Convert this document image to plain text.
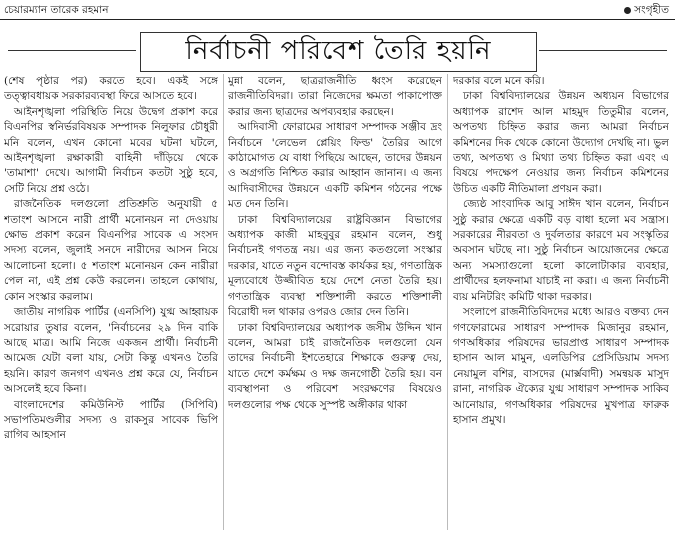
চেয়ারম্যান তারেক রহমান	সংগৃহীত
নির্বাচনী পরিবেশ তৈরি হয়নি

(শেষ পৃষ্ঠার পর) করতে হবে। একই সঙ্গে তত্ত্বাবধায়ক সরকারব্যবস্থা ফিরে আসতে হবে।

আইনশৃঙ্খলা পরিস্থিতি নিয়ে উদ্বেগ প্রকাশ করে বিএনপির স্বনির্ভরবিষয়ক সম্পাদক নিলুফার চৌধুরী মনি বলেন, এখন কোনো মবের ঘটনা ঘটলে, আইনশৃঙ্খলা রক্ষাকারী বাহিনী দাঁড়িয়ে থেকে 'তামাশা' দেখে। আগামী নির্বাচন কতটা সুষ্ঠু হবে, সেটি নিয়ে প্রশ্ন ওঠে।

রাজনৈতিক দলগুলো প্রতিশ্রুতি অনুযায়ী ৫ শতাংশ আসনে নারী প্রার্থী মনোনয়ন না দেওয়ায় ক্ষোভ প্রকাশ করেন বিএনপির সাবেক এ সংসদ সদস্য বলেন, জুলাই সনদে নারীদের আসন নিয়ে আলোচনা হলো। ৫ শতাংশ মনোনয়ন কেন নারীরা পেল না, এই প্রশ্ন কেউ করলেন। তাহলে কোথায়, কোন সংস্কার করলাম।

জাতীয় নাগরিক পার্টির (এনসিপি) যুগ্ম আহ্বায়ক সরোয়ার তুষার বলেন, 'নির্বাচনের ২৯ দিন বাকি আছে মাত্র। আমি নিজে একজন প্রার্থী। নির্বাচনী আমেজ যেটা বলা যায়, সেটা কিন্তু এখনও তৈরি হয়নি। কারণ জনগণ এখনও প্রশ্ন করে যে, নির্বাচন আসলেই হবে কিনা।

বাংলাদেশের কমিউনিস্ট পার্টির (সিপিবি) সভাপতিমণ্ডলীর সদস্য ও রাকসুর সাবেক ভিপি রাগিব আহসান

মুন্না বলেন, ছাত্ররাজনীতি ধ্বংস করেছেন রাজনীতিবিদরা। তারা নিজেদের ক্ষমতা পাকাপোক্ত করার জন্য ছাত্রদের অপব্যবহার করছেন।

আদিবাসী ফোরামের সাধারণ সম্পাদক সঞ্জীব দ্রং নির্বাচনে 'লেভেল প্লেয়িং ফিল্ড' তৈরির আগে কাঠামোগত যে বাধা পিছিয়ে আছেন, তাদের উন্নয়ন ও অগ্রগতি নিশ্চিত করার আহ্বান জানান। এ জন্য আদিবাসীদের উন্নয়নে একটি কমিশন গঠনের পক্ষে মত দেন তিনি।

ঢাকা বিশ্ববিদ্যালয়ের রাষ্ট্রবিজ্ঞান বিভাগের অধ্যাপক কাজী মাহবুবুর রহমান বলেন, শুধু নির্বাচনই গণতন্ত্র নয়। এর জন্য কতগুলো সংস্কার দরকার, যাতে নতুন বন্দোবস্ত কার্যকর হয়, গণতান্ত্রিক মূল্যবোধে উজ্জীবিত হয়ে দেশে নেতা তৈরি হয়। গণতান্ত্রিক ব্যবস্থা শক্তিশালী করতে শক্তিশালী বিরোধী দল থাকার ওপরও জোর দেন তিনি।

ঢাকা বিশ্ববিদ্যালয়ের অধ্যাপক জসীম উদ্দিন খান বলেন, আমরা চাই রাজনৈতিক দলগুলো যেন তাদের নির্বাচনী ইশতেহারে শিক্ষাকে গুরুত্ব দেয়, যাতে দেশে কর্মক্ষম ও দক্ষ জনগোষ্ঠী তৈরি হয়। বন ব্যবস্থাপনা ও পরিবেশ সংরক্ষণের বিষয়েও দলগুলোর পক্ষ থেকে সুস্পষ্ট অঙ্গীকার থাকা

দরকার বলে মনে করি।

ঢাকা বিশ্ববিদ্যালয়ের উন্নয়ন অধ্যয়ন বিভাগের অধ্যাপক রাশেদ আল মাহমুদ তিতুমীর বলেন, অপতথ্য চিহ্নিত করার জন্য আমরা নির্বাচন কমিশনের দিক থেকে কোনো উদ্যোগ দেখছি না। ভুল তথ্য, অপতথ্য ও মিথ্যা তথ্য চিহ্নিত করা এবং এ বিষয়ে পদক্ষেপ নেওয়ার জন্য নির্বাচন কমিশনের উচিত একটি নীতিমালা প্রণয়ন করা।

জ্যেষ্ঠ সাংবাদিক আবু সাঈদ খান বলেন, নির্বাচন সুষ্ঠু করার ক্ষেত্রে একটি বড় বাধা হলো মব সন্ত্রাস। সরকারের নীরবতা ও দুর্বলতার কারণে মব সংস্কৃতির অবসান ঘটছে না। সুষ্ঠু নির্বাচন আয়োজনের ক্ষেত্রে অন্য সমস্যাগুলো হলো কালোটাকার ব্যবহার, প্রার্থীদের হলফনামা যাচাই না করা। এ জন্য নির্বাচনী ব্যয় মনিটরিং কমিটি থাকা দরকার।

সংলাপে রাজনীতিবিদদের মধ্যে আরও বক্তব্য দেন গণফোরামের সাধারণ সম্পাদক মিজানুর রহমান, গণঅধিকার পরিষদের ভারপ্রাপ্ত সাধারণ সম্পাদক হাসান আল মামুন, এলডিপির প্রেসিডিয়াম সদস্য নেয়ামুল বশির, বাসদের (মার্ক্সবাদী) সমন্বয়ক মাসুদ রানা, নাগরিক ঐক্যের যুগ্ম সাধারণ সম্পাদক সাকিব আনোয়ার, গণঅধিকার পরিষদের মুখপাত্র ফারুক হাসান প্রমুখ।
